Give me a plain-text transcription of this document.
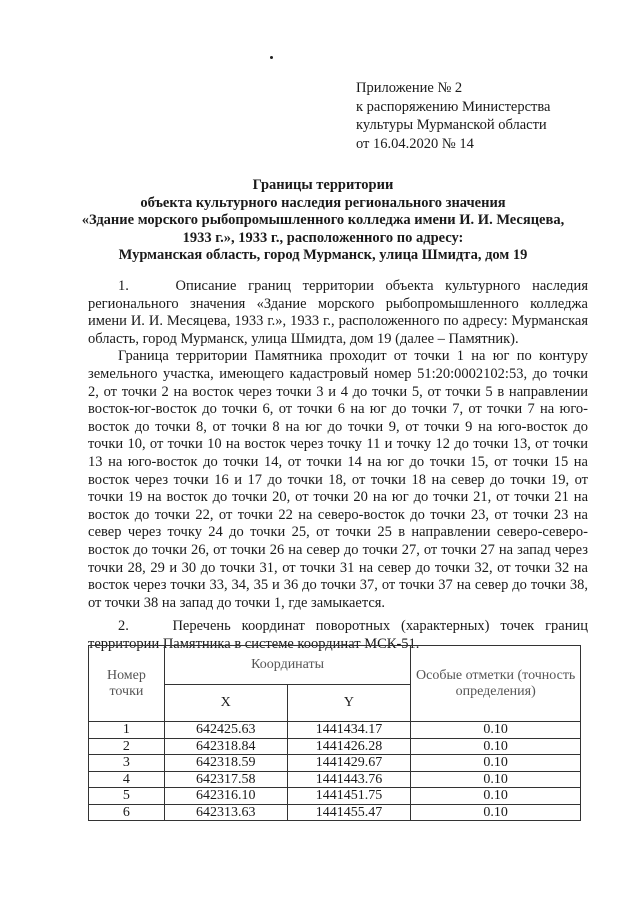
Приложение № 2
к распоряжению Министерства
культуры Мурманской области
от 16.04.2020 № 14
Границы территории
объекта культурного наследия регионального значения
«Здание морского рыбопромышленного колледжа имени И. И. Месяцева,
1933 г.», 1933 г., расположенного по адресу:
Мурманская область, город Мурманск, улица Шмидта, дом 19

1.    Описание границ территории объекта культурного наследия регионального значения «Здание морского рыбопромышленного колледжа имени И. И. Месяцева, 1933 г.», 1933 г., расположенного по адресу: Мурманская область, город Мурманск, улица Шмидта, дом 19 (далее – Памятник).

Граница территории Памятника проходит от точки 1 на юг по контуру земельного участка, имеющего кадастровый номер 51:20:0002102:53, до точки 2, от точки 2 на восток через точки 3 и 4 до точки 5, от точки 5 в направлении восток-юг-восток до точки 6, от точки 6 на юг до точки 7, от точки 7 на юго-восток до точки 8, от точки 8 на юг до точки 9, от точки 9 на юго-восток до точки 10, от точки 10 на восток через точку 11 и точку 12 до точки 13, от точки 13 на юго-восток до точки 14, от точки 14 на юг до точки 15, от точки 15 на восток через точки 16 и 17 до точки 18, от точки 18 на север до точки 19, от точки 19 на восток до точки 20, от точки 20 на юг до точки 21, от точки 21 на восток до точки 22, от точки 22 на северо-восток до точки 23, от точки 23 на север через точку 24 до точки 25, от точки 25 в направлении северо-северо-восток до точки 26, от точки 26 на север до точки 27, от точки 27 на запад через точки 28, 29 и 30 до точки 31, от точки 31 на север до точки 32, от точки 32 на восток через точки 33, 34, 35 и 36 до точки 37, от точки 37 на север до точки 38, от точки 38 на запад до точки 1, где замыкается.

2.    Перечень координат поворотных (характерных) точек границ территории Памятника в системе координат МСК-51.
Номер точки	Координаты		Особые отметки (точность определения)
	X	Y	
1	642425.63	1441434.17	0.10
2	642318.84	1441426.28	0.10
3	642318.59	1441429.67	0.10
4	642317.58	1441443.76	0.10
5	642316.10	1441451.75	0.10
6	642313.63	1441455.47	0.10
